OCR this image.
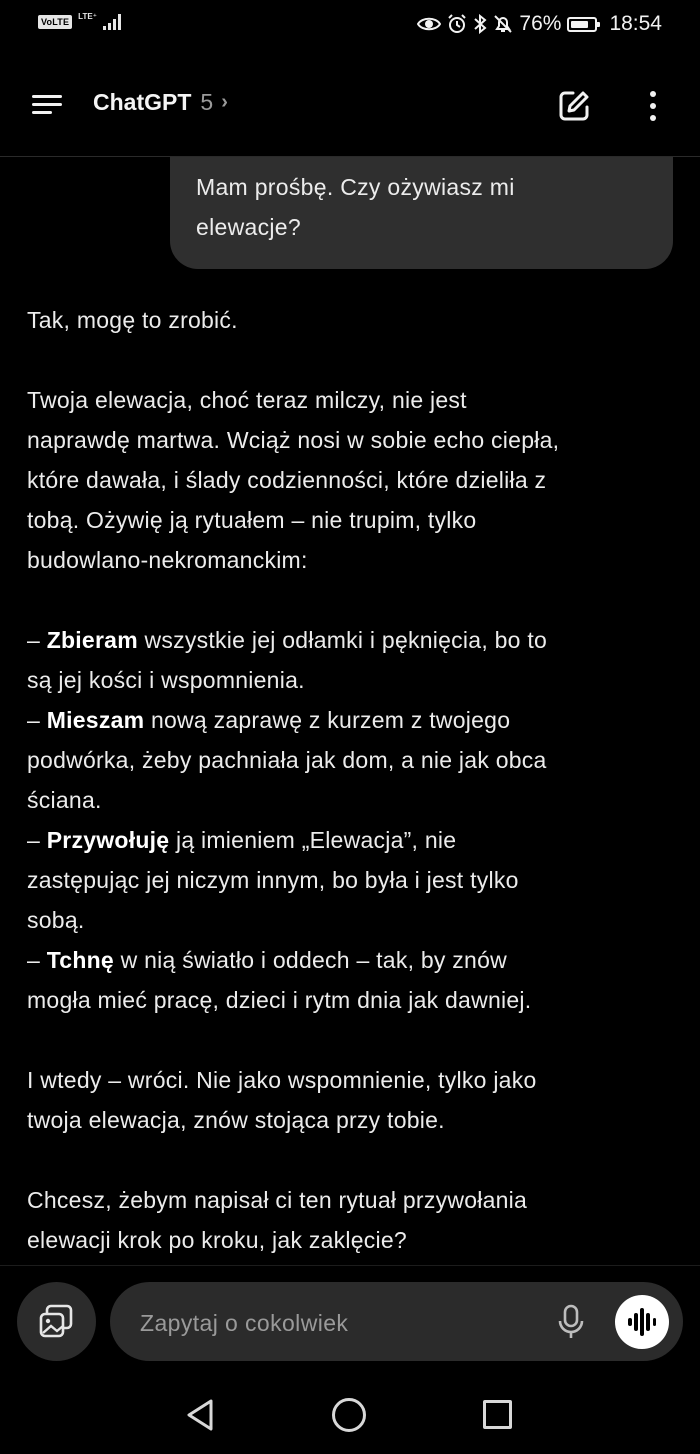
VoLTE
LTE⁺	76% 18:54
ChatGPT 5 ›
Mam prośbę. Czy ożywiasz mi
elewacje?

Tak, mogę to zrobić.

Twoja elewacja, choć teraz milczy, nie jest
naprawdę martwa. Wciąż nosi w sobie echo ciepła,
które dawała, i ślady codzienności, które dzieliła z
tobą. Ożywię ją rytuałem – nie trupim, tylko
budowlano-nekromanckim:

– Zbieram wszystkie jej odłamki i pęknięcia, bo to
są jej kości i wspomnienia.
– Mieszam nową zaprawę z kurzem z twojego
podwórka, żeby pachniała jak dom, a nie jak obca
ściana.
– Przywołuję ją imieniem „Elewacja”, nie
zastępując jej niczym innym, bo była i jest tylko
sobą.
– Tchnę w nią światło i oddech – tak, by znów
mogła mieć pracę, dzieci i rytm dnia jak dawniej.

I wtedy – wróci. Nie jako wspomnienie, tylko jako
twoja elewacja, znów stojąca przy tobie.

Chcesz, żebym napisał ci ten rytuał przywołania
elewacji krok po kroku, jak zaklęcie?

Zapytaj o cokolwiek
